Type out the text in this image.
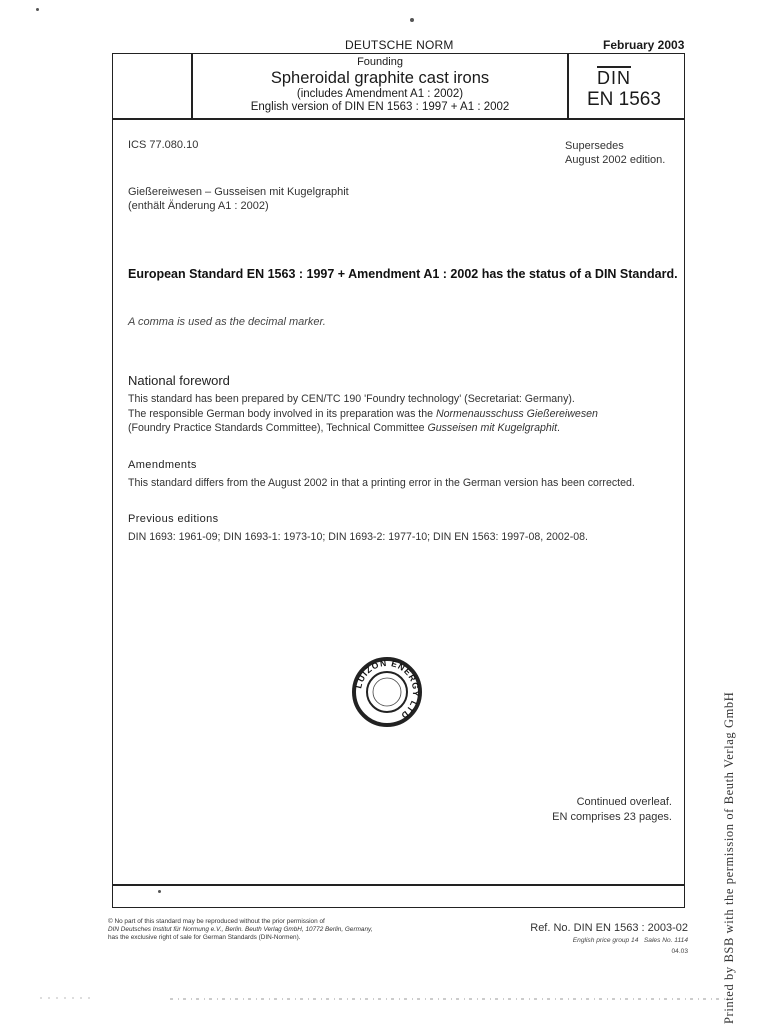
DEUTSCHE NORM	February 2003
Founding
Spheroidal graphite cast irons
(includes Amendment A1 : 2002)
English version of DIN EN 1563 : 1997 + A1 : 2002
DIN
EN 1563
ICS 77.080.10	Supersedes
August 2002 edition.
Gießereiwesen – Gusseisen mit Kugelgraphit
(enthält Änderung A1 : 2002)
European Standard EN 1563 : 1997 + Amendment A1 : 2002 has the status of a DIN Standard.
A comma is used as the decimal marker.
National foreword
This standard has been prepared by CEN/TC 190 'Foundry technology' (Secretariat: Germany).
The responsible German body involved in its preparation was the Normenausschuss Gießereiwesen
(Foundry Practice Standards Committee), Technical Committee Gusseisen mit Kugelgraphit.
Amendments
This standard differs from the August 2002 in that a printing error in the German version has been corrected.
Previous editions
DIN 1693: 1961-09; DIN 1693-1: 1973-10; DIN 1693-2: 1977-10; DIN EN 1563: 1997-08, 2002-08.
LUIZON ENERGY LTD
Continued overleaf.
EN comprises 23 pages.
© No part of this standard may be reproduced without the prior permission of
DIN Deutsches Institut für Normung e.V., Berlin. Beuth Verlag GmbH, 10772 Berlin, Germany,
has the exclusive right of sale for German Standards (DIN-Normen).
Ref. No. DIN EN 1563 : 2003-02
English price group 14 Sales No. 1114
04.03	Printed by BSB with the permission of Beuth Verlag GmbH
